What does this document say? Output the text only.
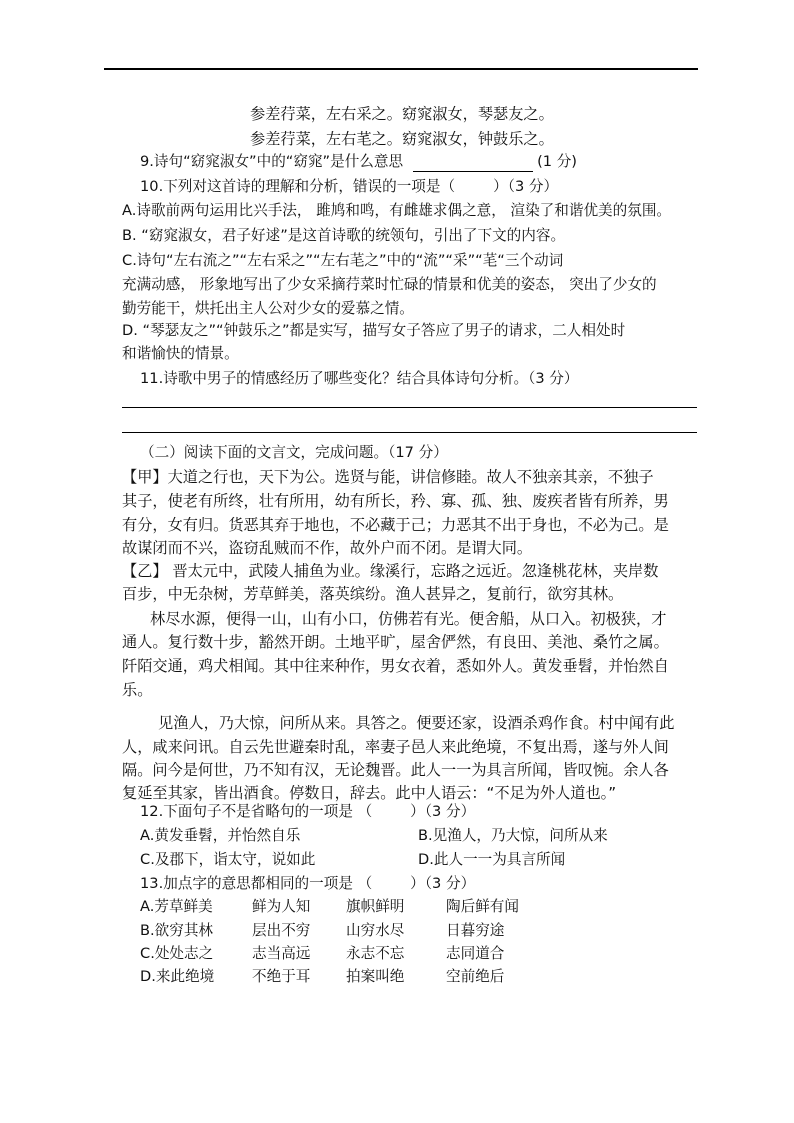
参差荇菜，左右采之。窈窕淑女，琴瑟友之。
参差荇菜，左右芼之。窈窕淑女，钟鼓乐之。
9.诗句“窈窕淑女”中的“窈窕”是什么意思	(1 分)
10.下列对这首诗的理解和分析，错误的一项是（	）（3 分）
A.诗歌前两句运用比兴手法， 雎鸠和鸣，有雌雄求偶之意， 渲染了和谐优美的氛围。
B. “窈窕淑女，君子好逑”是这首诗歌的统领句，引出了下文的内容。
C.诗句“左右流之”“左右采之”“左右芼之”中的“流”“采”“芼“三个动词
充满动感， 形象地写出了少女采摘荇菜时忙碌的情景和优美的姿态， 突出了少女的
勤劳能干，烘托出主人公对少女的爱慕之情。
D. “琴瑟友之”“钟鼓乐之”都是实写，描写女子答应了男子的请求，二人相处时
和谐愉快的情景。
11.诗歌中男子的情感经历了哪些变化？结合具体诗句分析。（3 分）
（二）阅读下面的文言文，完成问题。（17 分）
【甲】大道之行也，天下为公。选贤与能，讲信修睦。故人不独亲其亲，不独子
其子，使老有所终，壮有所用，幼有所长，矜、寡、孤、独、废疾者皆有所养，男
有分，女有归。货恶其弃于地也，不必藏于己；力恶其不出于身也，不必为己。是
故谋闭而不兴，盗窃乱贼而不作，故外户而不闭。是谓大同。
【乙】 晋太元中，武陵人捕鱼为业。缘溪行，忘路之远近。忽逢桃花林，夹岸数
百步，中无杂树，芳草鲜美，落英缤纷。渔人甚异之，复前行，欲穷其林。
林尽水源，便得一山，山有小口，仿佛若有光。便舍船，从口入。初极狭，才
通人。复行数十步，豁然开朗。土地平旷，屋舍俨然，有良田、美池、桑竹之属。
阡陌交通，鸡犬相闻。其中往来种作，男女衣着，悉如外人。黄发垂髫，并怡然自
乐。
见渔人，乃大惊，问所从来。具答之。便要还家，设酒杀鸡作食。村中闻有此
人，咸来问讯。自云先世避秦时乱，率妻子邑人来此绝境，不复出焉，遂与外人间
隔。问今是何世，乃不知有汉，无论魏晋。此人一一为具言所闻，皆叹惋。余人各
复延至其家，皆出酒食。停数日，辞去。此中人语云：“不足为外人道也。”
12.下面句子不是省略句的一项是 （	）（3 分）
A.黄发垂髫，并怡然自乐	B.见渔人，乃大惊，问所从来
C.及郡下，诣太守，说如此	D.此人一一为具言所闻
13.加点字的意思都相同的一项是 （	）（3 分）
A.芳草鲜美	鲜为人知 旗帜鲜明	陶后鲜有闻
B.欲穷其林	层出不穷 山穷水尽	日暮穷途
C.处处志之	志当高远 永志不忘	志同道合
D.来此绝境	不绝于耳 拍案叫绝	空前绝后
